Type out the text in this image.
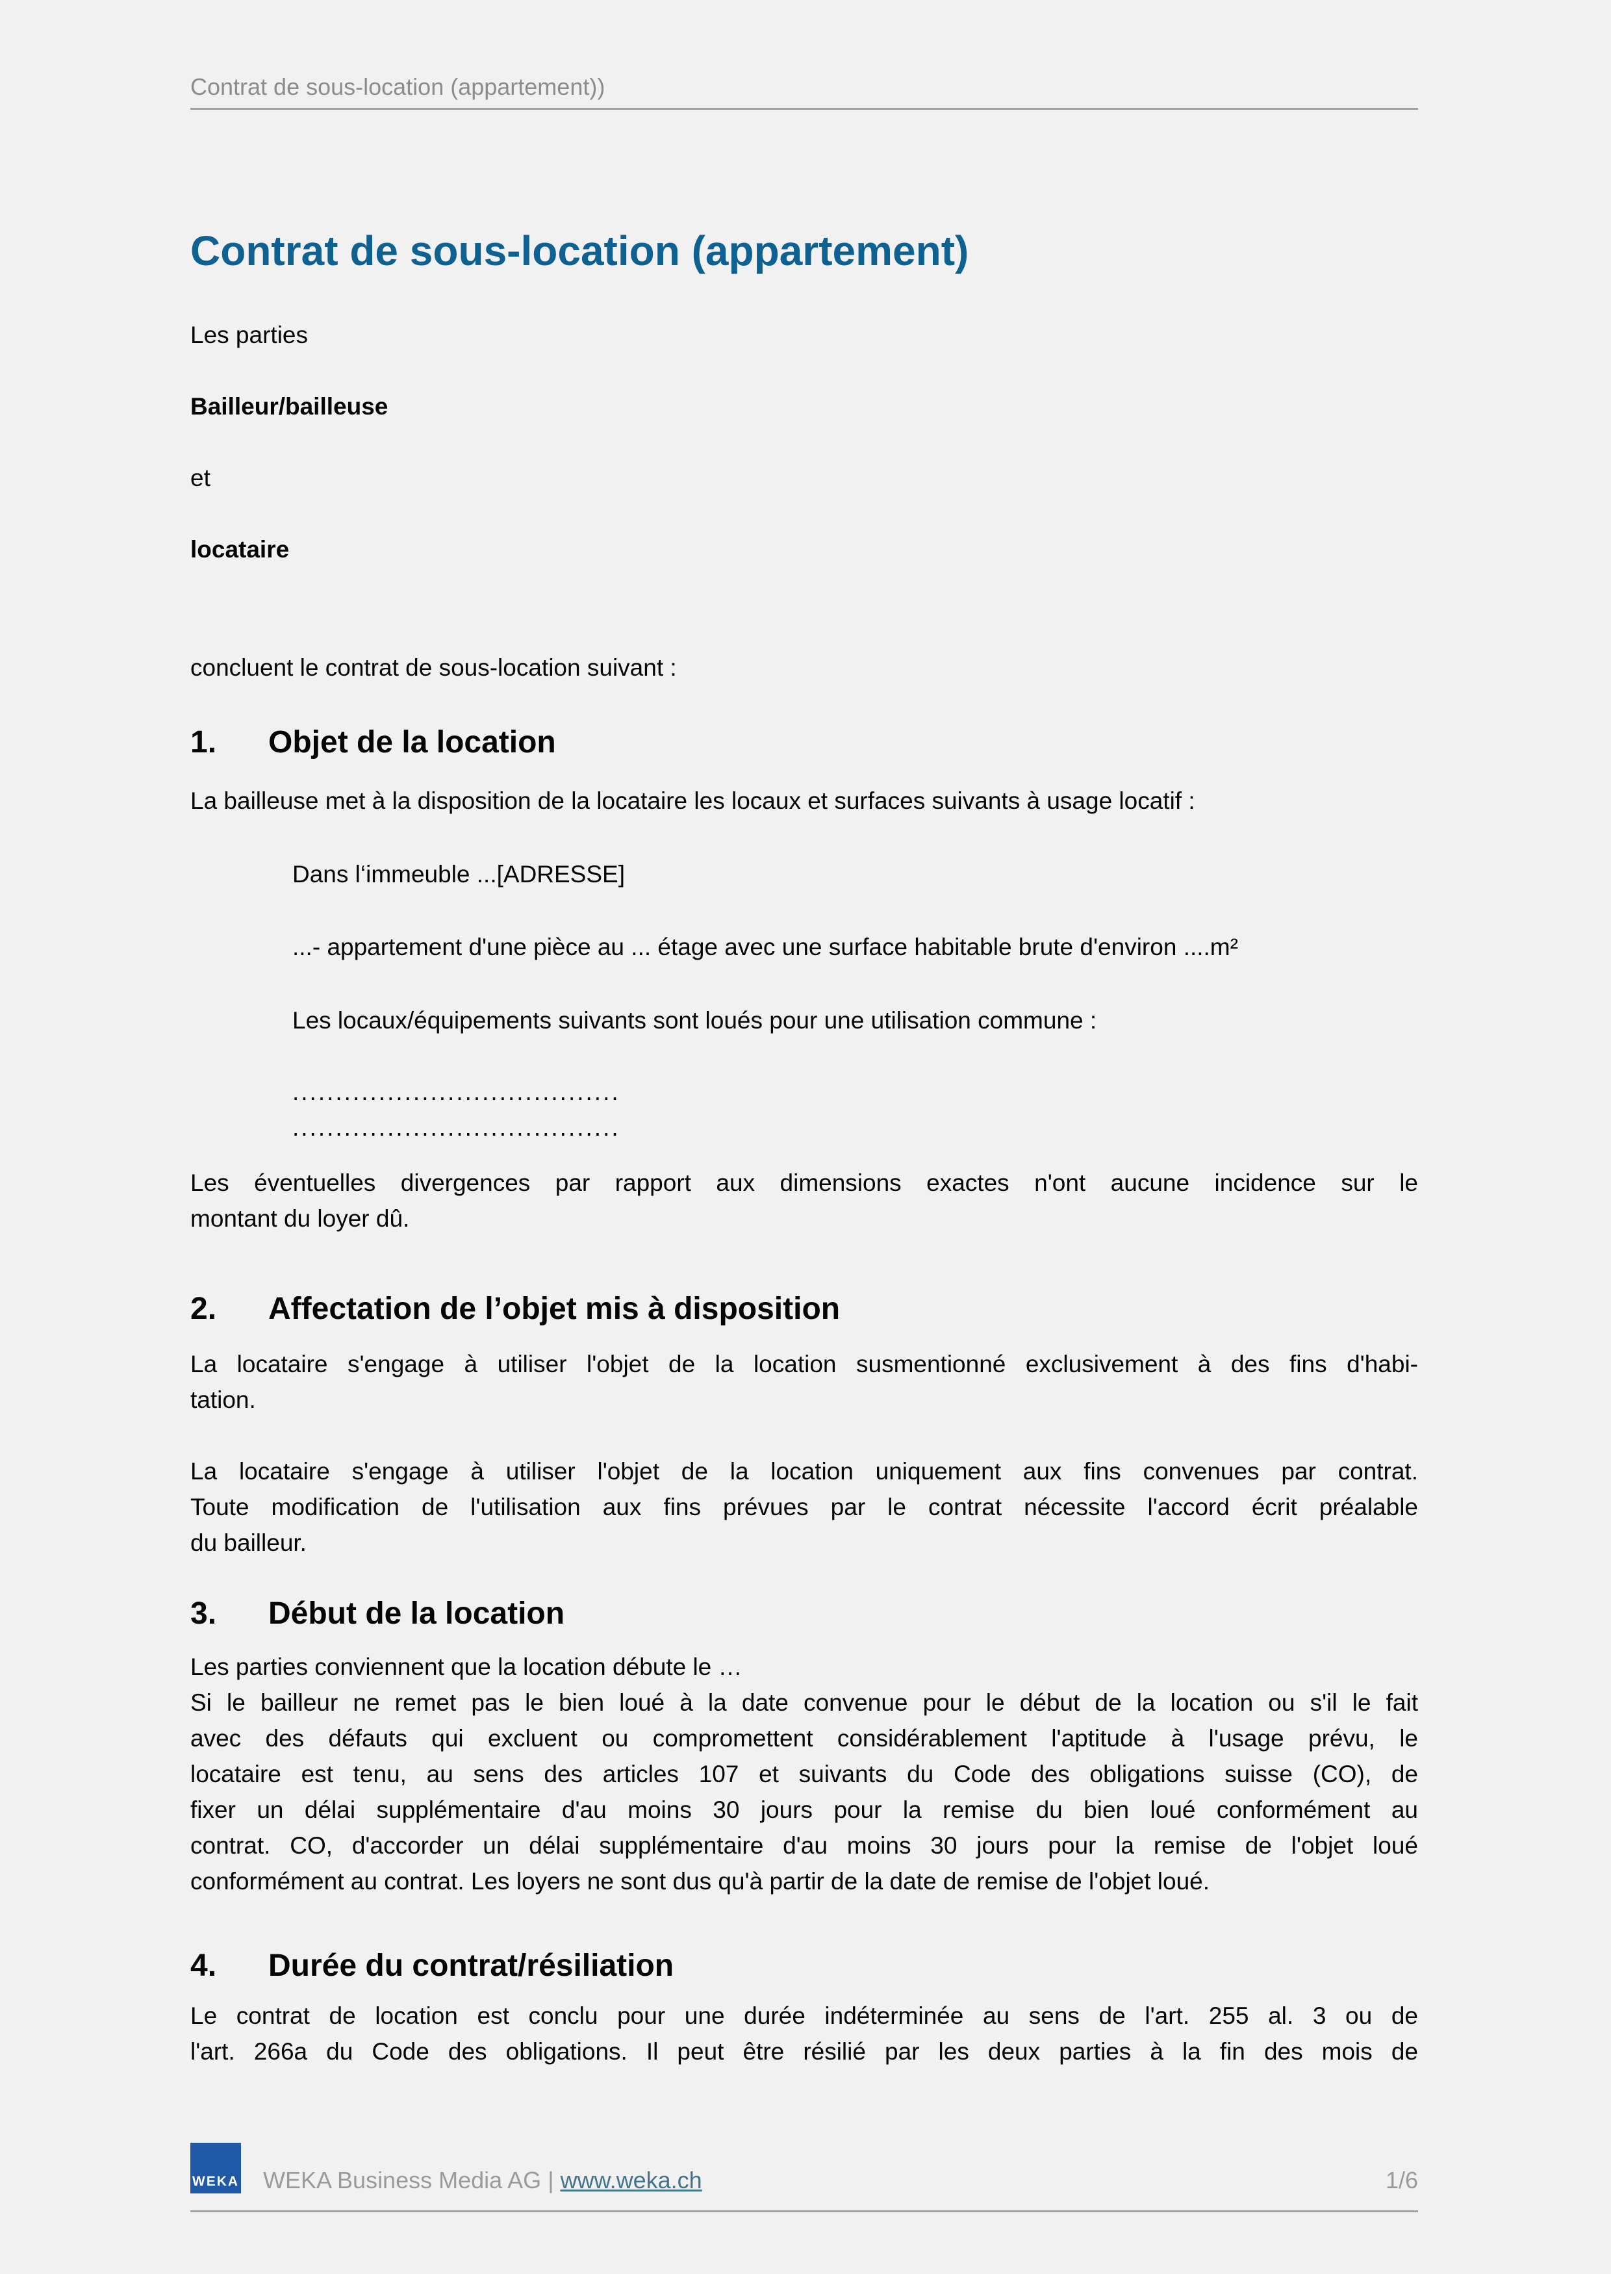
Contrat de sous-location (appartement))
Contrat de sous-location (appartement)
Les parties
Bailleur/bailleuse
et
locataire
concluent le contrat de sous-location suivant :
1.	Objet de la location
La bailleuse met à la disposition de la locataire les locaux et surfaces suivants à usage locatif :
Dans l‘immeuble ...[ADRESSE]
...- appartement d'une pièce au ... étage avec une surface habitable brute d'environ ....m²
Les locaux/équipements suivants sont loués pour une utilisation commune :
......................................
......................................
Les éventuelles divergences par rapport aux dimensions exactes n'ont aucune incidence sur le
montant du loyer dû.
2.	Affectation de l’objet mis à disposition
La locataire s'engage à utiliser l'objet de la location susmentionné exclusivement à des fins d'habi-
tation.
La locataire s'engage à utiliser l'objet de la location uniquement aux fins convenues par contrat.
Toute modification de l'utilisation aux fins prévues par le contrat nécessite l'accord écrit préalable
du bailleur.
3.	Début de la location
Les parties conviennent que la location débute le …
Si le bailleur ne remet pas le bien loué à la date convenue pour le début de la location ou s'il le fait
avec des défauts qui excluent ou compromettent considérablement l'aptitude à l'usage prévu, le
locataire est tenu, au sens des articles 107 et suivants du Code des obligations suisse (CO), de
fixer un délai supplémentaire d'au moins 30 jours pour la remise du bien loué conformément au
contrat. CO, d'accorder un délai supplémentaire d'au moins 30 jours pour la remise de l'objet loué
conformément au contrat. Les loyers ne sont dus qu'à partir de la date de remise de l'objet loué.
4.	Durée du contrat/résiliation
Le contrat de location est conclu pour une durée indéterminée au sens de l'art. 255 al. 3 ou de
l'art. 266a du Code des obligations. Il peut être résilié par les deux parties à la fin des mois de
WEKA WEKA Business Media AG | www.weka.ch	1/6
